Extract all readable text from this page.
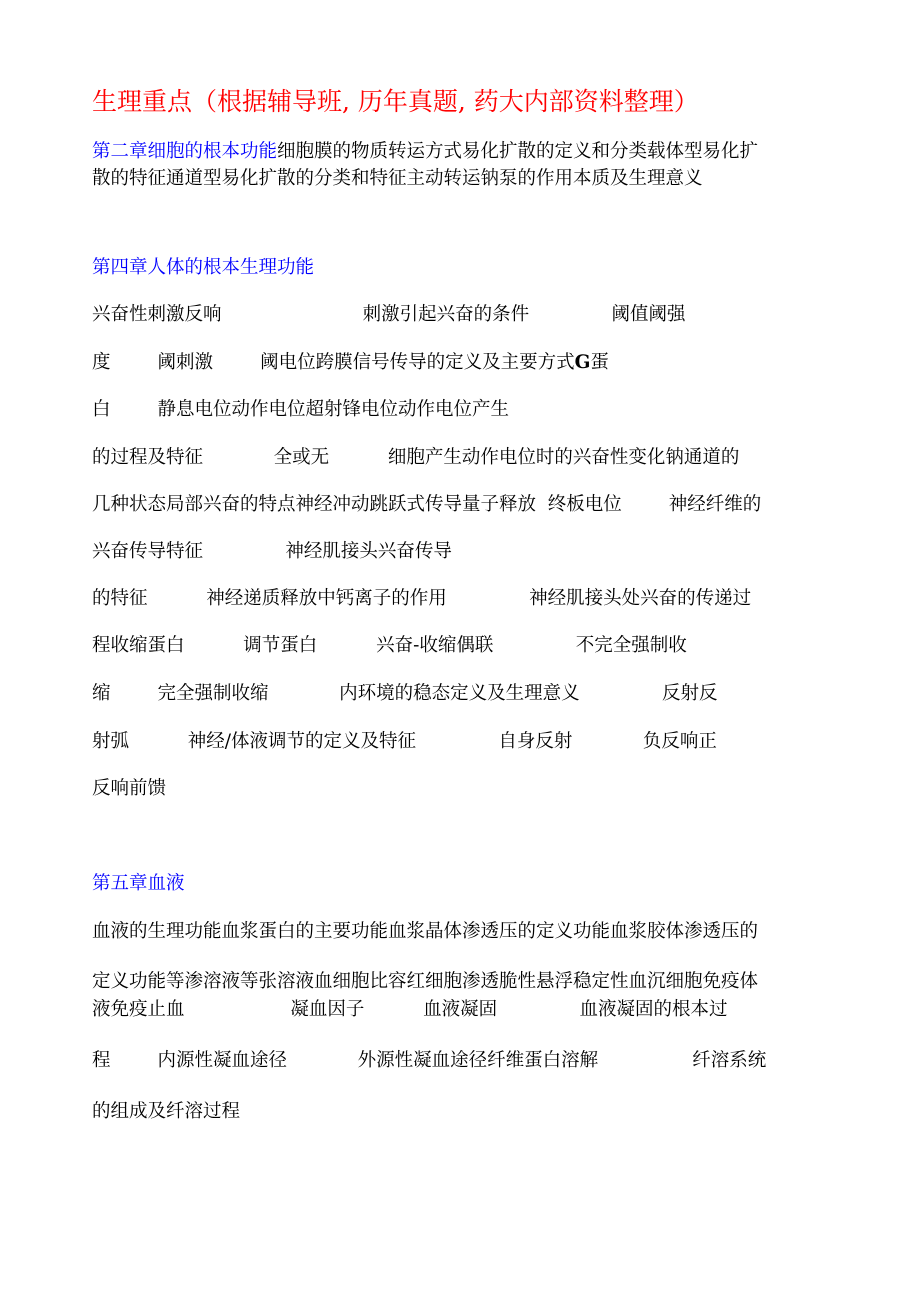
生理重点（根据辅导班, 历年真题, 药大内部资料整理）

第二章细胞的根本功能细胞膜的物质转运方式易化扩散的定义和分类载体型易化扩

散的特征通道型易化扩散的分类和特征主动转运钠泵的作用本质及生理意义

第四章人体的根本生理功能

兴奋性刺激反响                        刺激引起兴奋的条件              阈值阈强

度        阈刺激        阈电位跨膜信号传导的定义及主要方式G蛋

白        静息电位动作电位超射锋电位动作电位产生

的过程及特征            全或无          细胞产生动作电位时的兴奋性变化钠通道的

几种状态局部兴奋的特点神经冲动跳跃式传导量子释放  终板电位        神经纤维的

兴奋传导特征              神经肌接头兴奋传导

的特征          神经递质释放中钙离子的作用              神经肌接头处兴奋的传递过

程收缩蛋白          调节蛋白          兴奋-收缩偶联              不完全强制收

缩        完全强制收缩            内环境的稳态定义及生理意义              反射反

射弧          神经/体液调节的定义及特征              自身反射            负反响正

反响前馈

第五章血液

血液的生理功能血浆蛋白的主要功能血浆晶体渗透压的定义功能血浆胶体渗透压的

定义功能等渗溶液等张溶液血细胞比容红细胞渗透脆性悬浮稳定性血沉细胞免疫体

液免疫止血                  凝血因子          血液凝固              血液凝固的根本过

程        内源性凝血途径            外源性凝血途径纤维蛋白溶解                纤溶系统

的组成及纤溶过程
